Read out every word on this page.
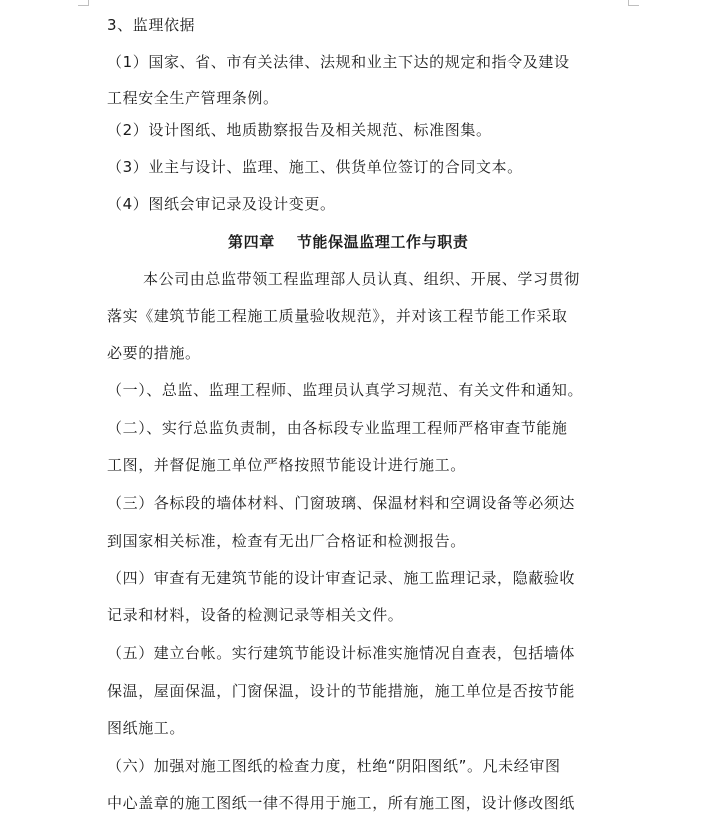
3、监理依据
（1）国家、省、市有关法律、法规和业主下达的规定和指令及建设
工程安全生产管理条例。
（2）设计图纸、地质勘察报告及相关规范、标准图集。
（3）业主与设计、监理、施工、供货单位签订的合同文本。
（4）图纸会审记录及设计变更。
第四章 节能保温监理工作与职责
本公司由总监带领工程监理部人员认真、组织、开展、学习贯彻
落实《建筑节能工程施工质量验收规范》，并对该工程节能工作采取
必要的措施。
（一）、总监、监理工程师、监理员认真学习规范、有关文件和通知。
（二）、实行总监负责制，由各标段专业监理工程师严格审查节能施
工图，并督促施工单位严格按照节能设计进行施工。
（三）各标段的墙体材料、门窗玻璃、保温材料和空调设备等必须达
到国家相关标准，检查有无出厂合格证和检测报告。
（四）审查有无建筑节能的设计审查记录、施工监理记录，隐蔽验收
记录和材料，设备的检测记录等相关文件。
（五）建立台帐。实行建筑节能设计标准实施情况自查表，包括墙体
保温，屋面保温，门窗保温，设计的节能措施，施工单位是否按节能
图纸施工。
（六）加强对施工图纸的检查力度，杜绝“阴阳图纸”。凡未经审图
中心盖章的施工图纸一律不得用于施工，所有施工图，设计修改图纸
